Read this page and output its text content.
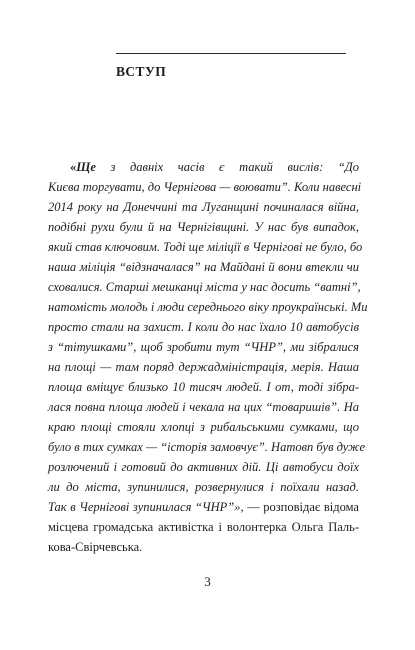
ВСТУП
«Ще з давніх часів є такий вислів: “До
Києва торгувати, до Чернігова — воювати”. Коли навесні
2014 року на Донеччині та Луганщині починалася війна,
подібні рухи були й на Чернігівщині. У нас був випадок,
який став ключовим. Тоді ще міліції в Чернігові не було, бо
наша міліція “відзначалася” на Майдані й вони втекли чи
сховалися. Старші мешканці міста у нас досить “ватні”,
натомість молодь і люди середнього віку проукраїнські. Ми
просто стали на захист. І коли до нас їхало 10 автобусів
з “тітушками”, щоб зробити тут “ЧНР”, ми зібралися
на площі — там поряд держадміністрація, мерія. Наша
площа вміщує близько 10 тисяч людей. І от, тоді зібра-
лася повна площа людей і чекала на цих “товаришів”. На
краю площі стояли хлопці з рибальськими сумками, що
було в тих сумках — “історія замовчує”. Натовп був дуже
розлючений і готовий до активних дій. Ці автобуси доїх
ли до міста, зупинилися, розвернулися і поїхали назад.
Так в Чернігові зупинилася “ЧНР”», — розповідає відома
місцева громадська активістка і волонтерка Ольга Паль-
кова-Свірчевська.
3
